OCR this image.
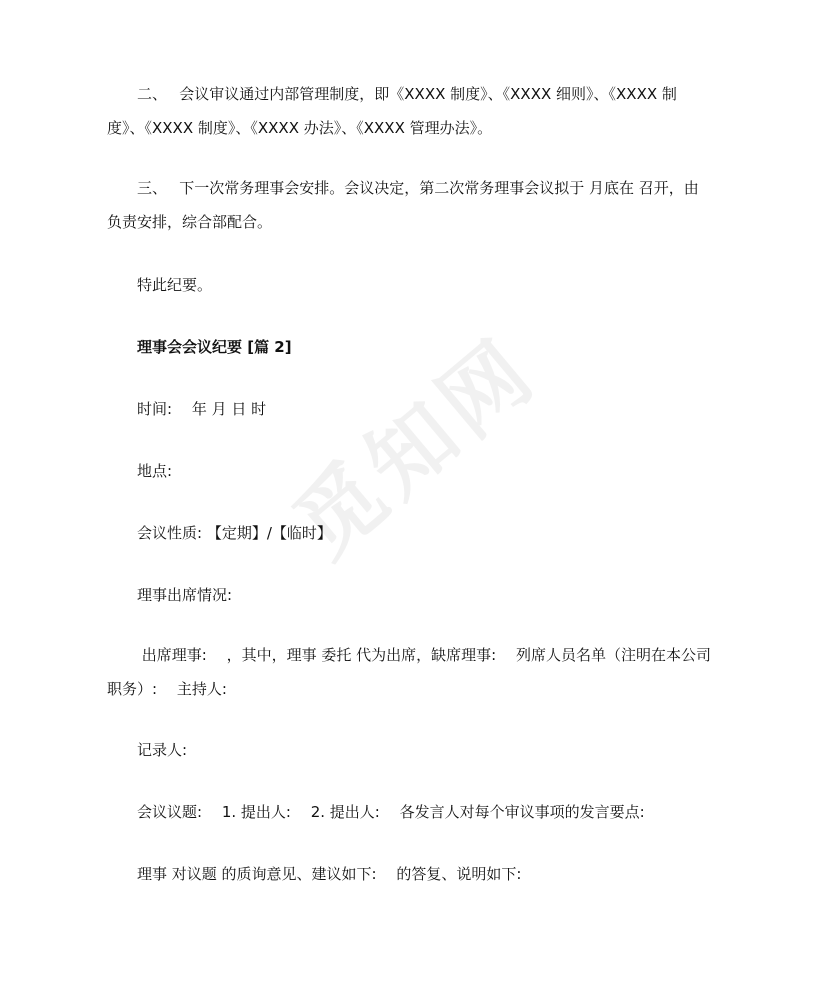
觅知网

　　二、　 会议审议通过内部管理制度，即《XXXX 制度》、《XXXX 细则》、《XXXX 制

度》、《XXXX 制度》、《XXXX 办法》、《XXXX 管理办法》。

　　三、　 下一次常务理事会安排。会议决定，第二次常务理事会议拟于 月底在 召开，由

负责安排，综合部配合。

　　特此纪要。

　　理事会会议纪要 [篇 2]

　　时间:　 年 月 日 时

　　地点:

　　会议性质: 【定期】/【临时】

　　理事出席情况:

　　 出席理事:　 ，其中，理事 委托 代为出席，缺席理事:　 列席人员名单（注明在本公司

职务）:　 主持人:

　　记录人:

　　会议议题:　 1. 提出人:　 2. 提出人:　 各发言人对每个审议事项的发言要点:

　　理事 对议题 的质询意见、建议如下:　 的答复、说明如下:
